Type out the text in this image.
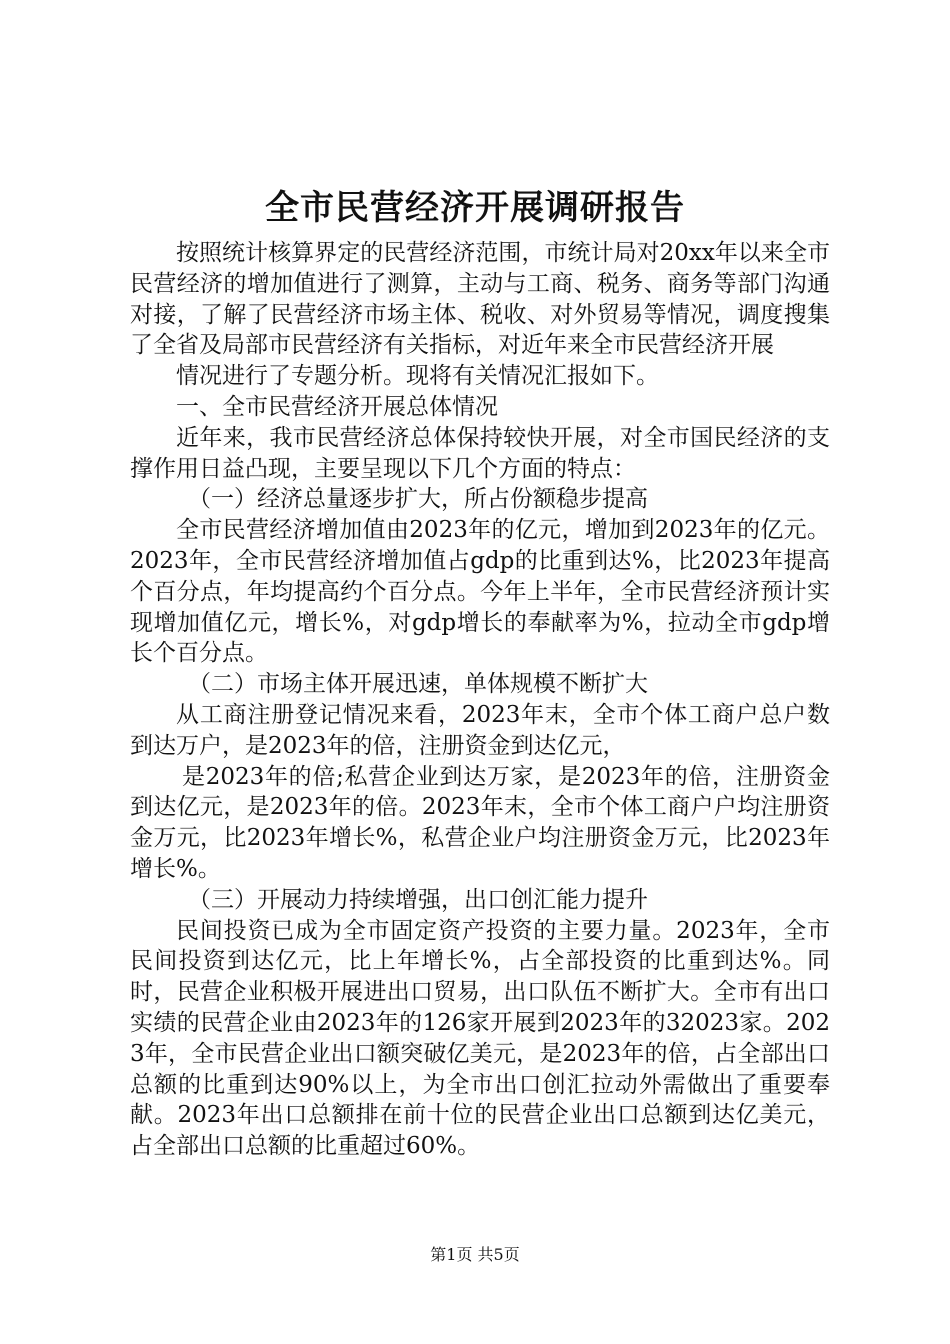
全市民营经济开展调研报告

按照统计核算界定的民营经济范围，市统计局对20xx年以来全市民营经济的增加值进行了测算，主动与工商、税务、商务等部门沟通对接，了解了民营经济市场主体、税收、对外贸易等情况，调度搜集了全省及局部市民营经济有关指标，对近年来全市民营经济开展

情况进行了专题分析。现将有关情况汇报如下。

一、全市民营经济开展总体情况

近年来，我市民营经济总体保持较快开展，对全市国民经济的支撑作用日益凸现，主要呈现以下几个方面的特点：

（一）经济总量逐步扩大，所占份额稳步提高

全市民营经济增加值由2023年的亿元，增加到2023年的亿元。2023年，全市民营经济增加值占gdp的比重到达%，比2023年提高个百分点，年均提高约个百分点。今年上半年，全市民营经济预计实现增加值亿元，增长%，对gdp增长的奉献率为%，拉动全市gdp增长个百分点。

（二）市场主体开展迅速，单体规模不断扩大

从工商注册登记情况来看，2023年末，全市个体工商户总户数到达万户，是2023年的倍，注册资金到达亿元，

是2023年的倍;私营企业到达万家，是2023年的倍，注册资金到达亿元，是2023年的倍。2023年末，全市个体工商户户均注册资金万元，比2023年增长%，私营企业户均注册资金万元，比2023年增长%。

（三）开展动力持续增强，出口创汇能力提升

民间投资已成为全市固定资产投资的主要力量。2023年，全市民间投资到达亿元，比上年增长%，占全部投资的比重到达%。同时，民营企业积极开展进出口贸易，出口队伍不断扩大。全市有出口实绩的民营企业由2023年的126家开展到2023年的32023家。2023年，全市民营企业出口额突破亿美元，是2023年的倍，占全部出口总额的比重到达90%以上，为全市出口创汇拉动外需做出了重要奉献。2023年出口总额排在前十位的民营企业出口总额到达亿美元，占全部出口总额的比重超过60%。

第1页 共5页
